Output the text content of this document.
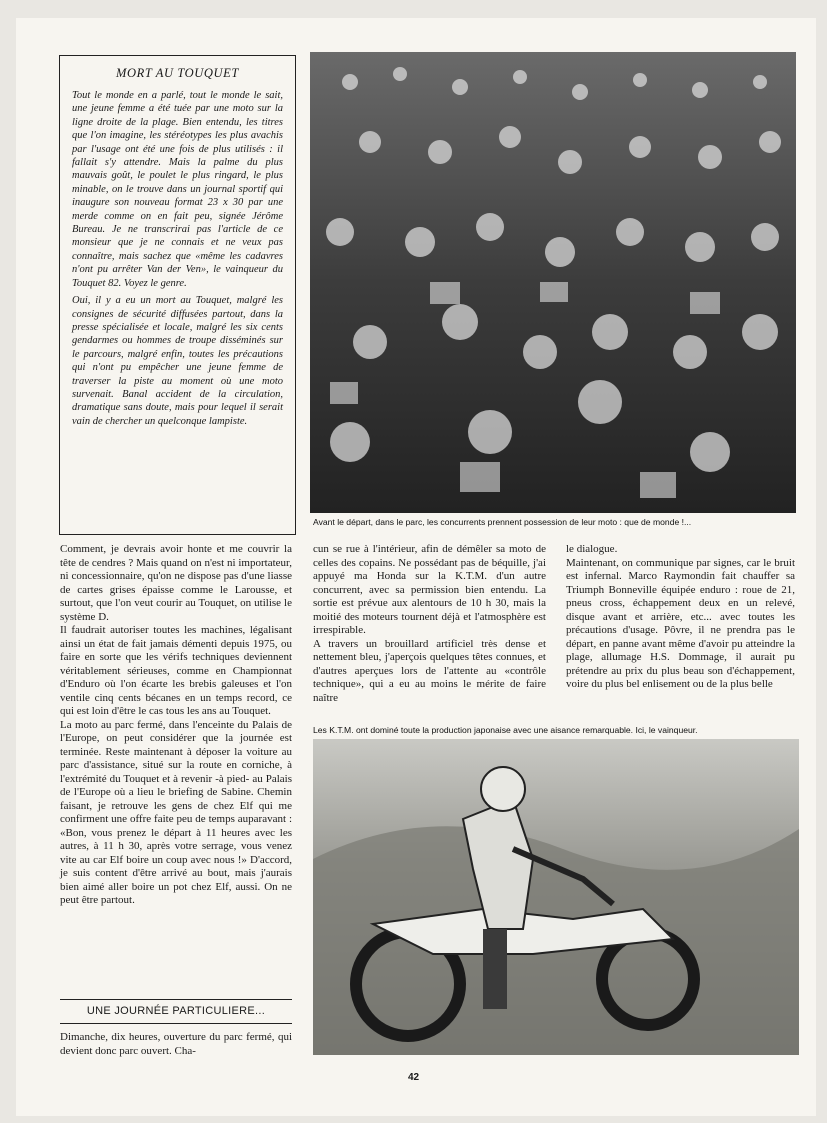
MORT AU TOUQUET

Tout le monde en a parlé, tout le monde le sait, une jeune femme a été tuée par une moto sur la ligne droite de la plage. Bien entendu, les titres que l'on imagine, les stéréotypes les plus avachis par l'usage ont été une fois de plus utilisés : il fallait s'y attendre. Mais la palme du plus mauvais goût, le poulet le plus ringard, le plus minable, on le trouve dans un journal sportif qui inaugure son nouveau format 23 x 30 par une merde comme on en fait peu, signée Jérôme Bureau. Je ne transcrirai pas l'article de ce monsieur que je ne connais et ne veux pas connaître, mais sachez que «même les cadavres n'ont pu arrêter Van der Ven», le vainqueur du Touquet 82. Voyez le genre.

Oui, il y a eu un mort au Touquet, malgré les consignes de sécurité diffusées partout, dans la presse spécialisée et locale, malgré les six cents gendarmes ou hommes de troupe disséminés sur le parcours, malgré enfin, toutes les précautions qui n'ont pu empêcher une jeune femme de traverser la piste au moment où une moto survenait. Banal accident de la circulation, dramatique sans doute, mais pour lequel il serait vain de chercher un quelconque lampiste.

Avant le départ, dans le parc, les concurrents prennent possession de leur moto : que de monde !...

Comment, je devrais avoir honte et me couvrir la tête de cendres ? Mais quand on n'est ni importateur, ni concessionnaire, qu'on ne dispose pas d'une liasse de cartes grises épaisse comme le Larousse, et surtout, que l'on veut courir au Touquet, on utilise le système D.

Il faudrait autoriser toutes les machines, légalisant ainsi un état de fait jamais démenti depuis 1975, ou faire en sorte que les vérifs techniques deviennent véritablement sérieuses, comme en Championnat d'Enduro où l'on écarte les brebis galeuses et l'on ventile cinq cents bécanes en un temps record, ce qui est loin d'être le cas tous les ans au Touquet.

La moto au parc fermé, dans l'enceinte du Palais de l'Europe, on peut considérer que la journée est terminée. Reste maintenant à déposer la voiture au parc d'assistance, situé sur la route en corniche, à l'extrémité du Touquet et à revenir -à pied- au Palais de l'Europe où a lieu le briefing de Sabine. Chemin faisant, je retrouve les gens de chez Elf qui me confirment une offre faite peu de temps auparavant : «Bon, vous prenez le départ à 11 heures avec les autres, à 11 h 30, après votre serrage, vous venez vite au car Elf boire un coup avec nous !» D'accord, je suis content d'être arrivé au bout, mais j'aurais bien aimé aller boire un pot chez Elf, aussi. On ne peut être partout.

UNE JOURNÉE PARTICULIERE...

Dimanche, dix heures, ouverture du parc fermé, qui devient donc parc ouvert. Cha-

cun se rue à l'intérieur, afin de démêler sa moto de celles des copains. Ne possédant pas de béquille, j'ai appuyé ma Honda sur la K.T.M. d'un autre concurrent, avec sa permission bien entendu. La sortie est prévue aux alentours de 10 h 30, mais la moitié des moteurs tournent déjà et l'atmosphère est irrespirable.

A travers un brouillard artificiel très dense et nettement bleu, j'aperçois quelques têtes connues, et d'autres aperçues lors de l'attente au «contrôle technique», qui a eu au moins le mérite de faire naître

le dialogue.

Maintenant, on communique par signes, car le bruit est infernal. Marco Raymondin fait chauffer sa Triumph Bonneville équipée enduro : roue de 21, pneus cross, échappement deux en un relevé, disque avant et arrière, etc... avec toutes les précautions d'usage. Pôvre, il ne prendra pas le départ, en panne avant même d'avoir pu atteindre la plage, allumage H.S. Dommage, il aurait pu prétendre au prix du plus beau son d'échappement, voire du plus bel enlisement ou de la plus belle

Les K.T.M. ont dominé toute la production japonaise avec une aisance remarquable. Ici, le vainqueur.
42
